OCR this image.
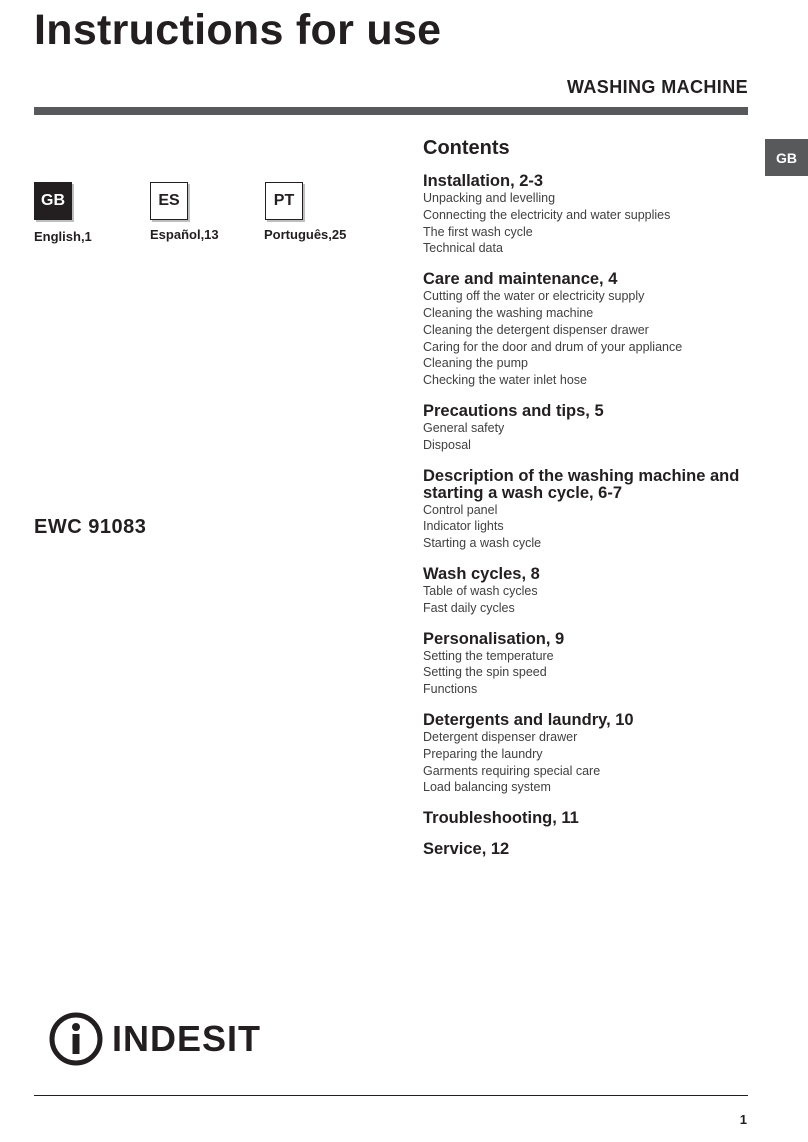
Instructions for use
WASHING MACHINE
GB
GB
English,1
ES
Español,13
PT
Português,25
EWC 91083
Contents
Installation, 2-3
Unpacking and levelling
Connecting the electricity and water supplies
The first wash cycle
Technical data
Care and maintenance, 4
Cutting off the water or electricity supply
Cleaning the washing machine
Cleaning the detergent dispenser drawer
Caring for the door and drum of your appliance
Cleaning the pump
Checking the water inlet hose
Precautions and tips, 5
General safety
Disposal
Description of the washing machine and starting a wash cycle, 6-7
Control panel
Indicator lights
Starting a wash cycle
Wash cycles, 8
Table of wash cycles
Fast daily cycles
Personalisation, 9
Setting the temperature
Setting the spin speed
Functions
Detergents and laundry, 10
Detergent dispenser drawer
Preparing the laundry
Garments requiring special care
Load balancing system
Troubleshooting, 11
Service, 12
INDESIT
1
